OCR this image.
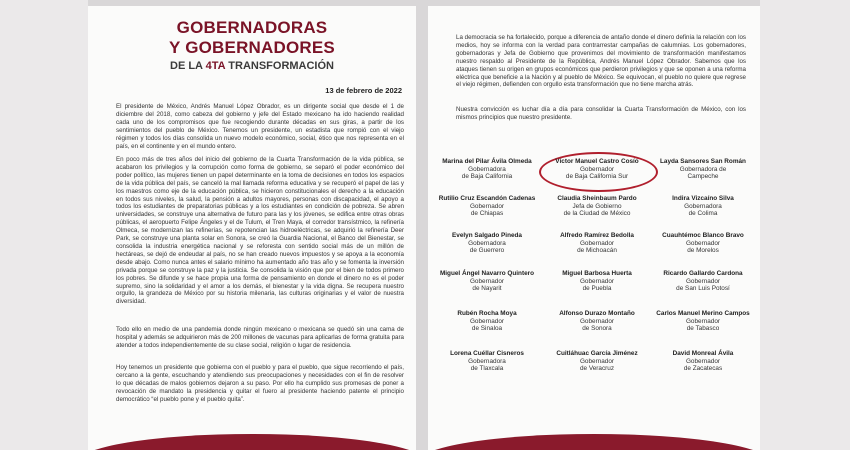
GOBERNADORAS
Y GOBERNADORES
DE LA 4TA TRANSFORMACIÓN
13 de febrero de 2022

El presidente de México, Andrés Manuel López Obrador, es un dirigente social que desde el 1 de diciembre del 2018, como cabeza del gobierno y jefe del Estado mexicano ha ido haciendo realidad cada uno de los compromisos que fue recogiendo durante décadas en sus giras, a partir de los sentimientos del pueblo de México. Tenemos un presidente, un estadista que rompió con el viejo régimen y todos los días consolida un nuevo modelo económico, social, ético que nos representa en el país, en el continente y en el mundo entero.

En poco más de tres años del inicio del gobierno de la Cuarta Transformación de la vida pública, se acabaron los privilegios y la corrupción como forma de gobierno, se separó el poder económico del poder político, las mujeres tienen un papel determinante en la toma de decisiones en todos los espacios de la vida pública del país, se canceló la mal llamada reforma educativa y se recuperó el papel de las y los maestros como eje de la educación pública, se hicieron constitucionales el derecho a la educación en todos sus niveles, la salud, la pensión a adultos mayores, personas con discapacidad, el apoyo a todos los estudiantes de preparatorias públicas y a los estudiantes en condición de pobreza. Se abren universidades, se construye una alternativa de futuro para las y los jóvenes, se edifica entre otras obras públicas, el aeropuerto Felipe Ángeles y el de Tulum, el Tren Maya, el corredor transístmico, la refinería Olmeca, se modernizan las refinerías, se repotencian las hidroeléctricas, se adquirió la refinería Deer Park, se construye una planta solar en Sonora, se creó la Guardia Nacional, el Banco del Bienestar, se consolida la industria energética nacional y se reforesta con sentido social más de un millón de hectáreas, se dejó de endeudar al país, no se han creado nuevos impuestos y se apoya a la economía desde abajo. Como nunca antes el salario mínimo ha aumentado año tras año y se fomenta la inversión privada porque se construye la paz y la justicia. Se consolida la visión que por el bien de todos primero los pobres. Se difunde y se hace propia una forma de pensamiento en donde el dinero no es el poder supremo, sino la solidaridad y el amor a los demás, el bienestar y la vida digna. Se recupera nuestro orgullo, la grandeza de México por su historia milenaria, las culturas originarias y el valor de nuestra diversidad.

Todo ello en medio de una pandemia donde ningún mexicano o mexicana se quedó sin una cama de hospital y además se adquirieron más de 200 millones de vacunas para aplicarlas de forma gratuita para atender a todos independientemente de su clase social, religión o lugar de residencia.

Hoy tenemos un presidente que gobierna con el pueblo y para el pueblo, que sigue recorriendo el país, cercano a la gente, escuchando y atendiendo sus preocupaciones y necesidades con el fin de resolver lo que décadas de malos gobiernos dejaron a su paso. Por ello ha cumplido sus promesas de poner a revocación de mandato la presidencia y quitar el fuero al presidente haciendo patente el principio democrático “el pueblo pone y el pueblo quita”.

La democracia se ha fortalecido, porque a diferencia de antaño donde el dinero definía la relación con los medios, hoy se informa con la verdad para contrarrestar campañas de calumnias. Los gobernadores, gobernadoras y Jefa de Gobierno que provenimos del movimiento de transformación manifestamos nuestro respaldo al Presidente de la República, Andrés Manuel López Obrador. Sabemos que los ataques tienen su origen en grupos económicos que perdieron privilegios y que se oponen a una reforma eléctrica que beneficie a la Nación y al pueblo de México. Se equivocan, el pueblo no quiere que regrese el viejo régimen, defienden con orgullo esta transformación que no tiene marcha atrás.

Nuestra convicción es luchar día a día para consolidar la Cuarta Transformación de México, con los mismos principios que nuestro presidente.

Marina del Pilar Ávila Olmeda
Gobernadora
de Baja California
Víctor Manuel Castro Cosío
Gobernador
de Baja California Sur
Layda Sansores San Román
Gobernadora de
Campeche
Rutilio Cruz Escandón Cadenas
Gobernador
de Chiapas
Claudia Sheinbaum Pardo
Jefa de Gobierno
de la Ciudad de México
Indira Vizcaíno Silva
Gobernadora
de Colima
Evelyn Salgado Pineda
Gobernadora
de Guerrero
Alfredo Ramírez Bedolla
Gobernador
de Michoacán
Cuauhtémoc Blanco Bravo
Gobernador
de Morelos
Miguel Ángel Navarro Quintero
Gobernador
de Nayarit
Miguel Barbosa Huerta
Gobernador
de Puebla
Ricardo Gallardo Cardona
Gobernador
de San Luis Potosí
Rubén Rocha Moya
Gobernador
de Sinaloa
Alfonso Durazo Montaño
Gobernador
de Sonora
Carlos Manuel Merino Campos
Gobernador
de Tabasco
Lorena Cuéllar Cisneros
Gobernadora
de Tlaxcala
Cuitláhuac García Jiménez
Gobernador
de Veracruz
David Monreal Ávila
Gobernador
de Zacatecas
